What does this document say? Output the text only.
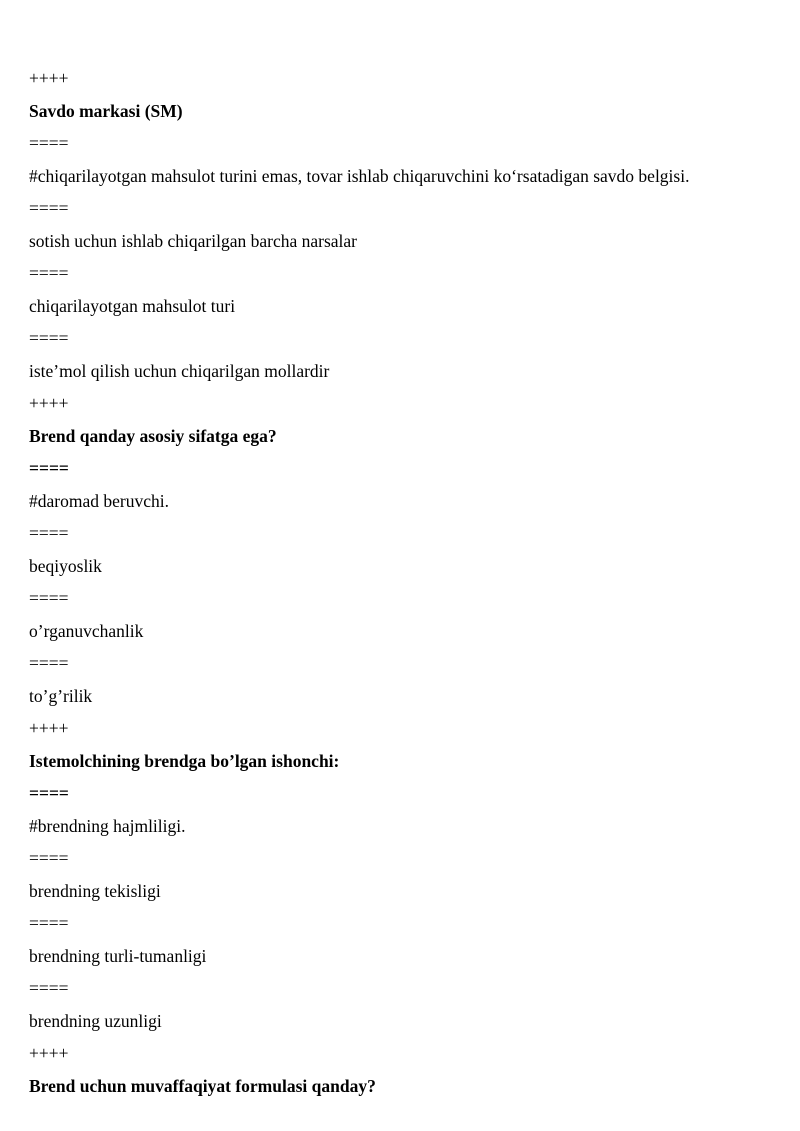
++++
Savdo markasi (SM)
====
#chiqarilayotgan mahsulot turini emas, tovar ishlab chiqaruvchini ko‘rsatadigan savdo belgisi.
====
sotish uchun ishlab chiqarilgan barcha narsalar
====
chiqarilayotgan mahsulot turi
====
iste’mol qilish uchun chiqarilgan mollardir
++++
Brend qanday asosiy sifatga ega?
====
#daromad beruvchi.
====
beqiyoslik
====
o’rganuvchanlik
====
to’g’rilik
++++
Istemolchining brendga bo’lgan ishonchi:
====
#brendning hajmliligi.
====
brendning tekisligi
====
brendning turli-tumanligi
====
brendning uzunligi
++++
Brend uchun muvaffaqiyat formulasi qanday?
